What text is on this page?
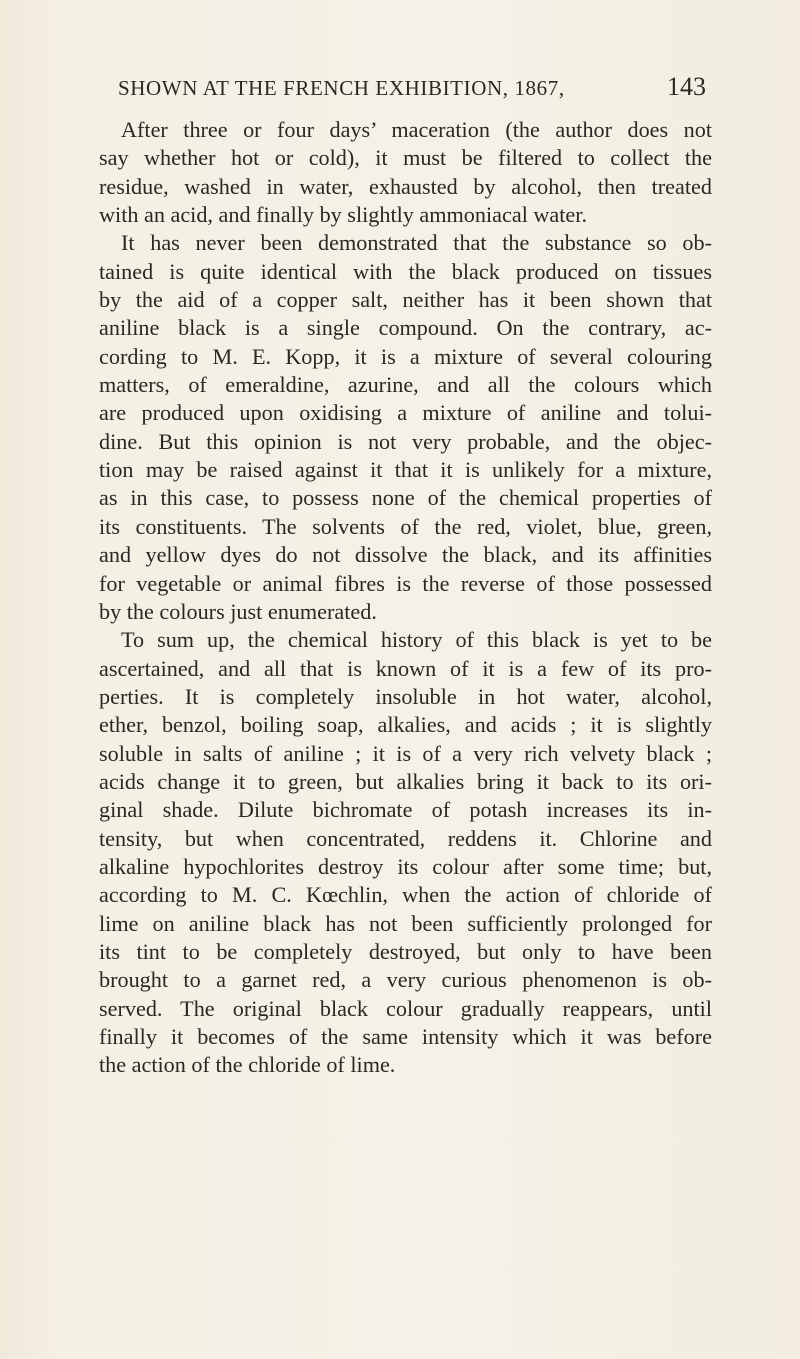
SHOWN AT THE FRENCH EXHIBITION, 1867,	143
After three or four days’ maceration (the author does not
say whether hot or cold), it must be filtered to collect the
residue, washed in water, exhausted by alcohol, then treated
with an acid, and finally by slightly ammoniacal water.
It has never been demonstrated that the substance so ob-
tained is quite identical with the black produced on tissues
by the aid of a copper salt, neither has it been shown that
aniline black is a single compound. On the contrary, ac-
cording to M. E. Kopp, it is a mixture of several colouring
matters, of emeraldine, azurine, and all the colours which
are produced upon oxidising a mixture of aniline and tolui-
dine. But this opinion is not very probable, and the objec-
tion may be raised against it that it is unlikely for a mixture,
as in this case, to possess none of the chemical properties of
its constituents. The solvents of the red, violet, blue, green,
and yellow dyes do not dissolve the black, and its affinities
for vegetable or animal fibres is the reverse of those possessed
by the colours just enumerated.
To sum up, the chemical history of this black is yet to be
ascertained, and all that is known of it is a few of its pro-
perties. It is completely insoluble in hot water, alcohol,
ether, benzol, boiling soap, alkalies, and acids ; it is slightly
soluble in salts of aniline ; it is of a very rich velvety black ;
acids change it to green, but alkalies bring it back to its ori-
ginal shade. Dilute bichromate of potash increases its in-
tensity, but when concentrated, reddens it. Chlorine and
alkaline hypochlorites destroy its colour after some time; but,
according to M. C. Kœchlin, when the action of chloride of
lime on aniline black has not been sufficiently prolonged for
its tint to be completely destroyed, but only to have been
brought to a garnet red, a very curious phenomenon is ob-
served. The original black colour gradually reappears, until
finally it becomes of the same intensity which it was before
the action of the chloride of lime.
